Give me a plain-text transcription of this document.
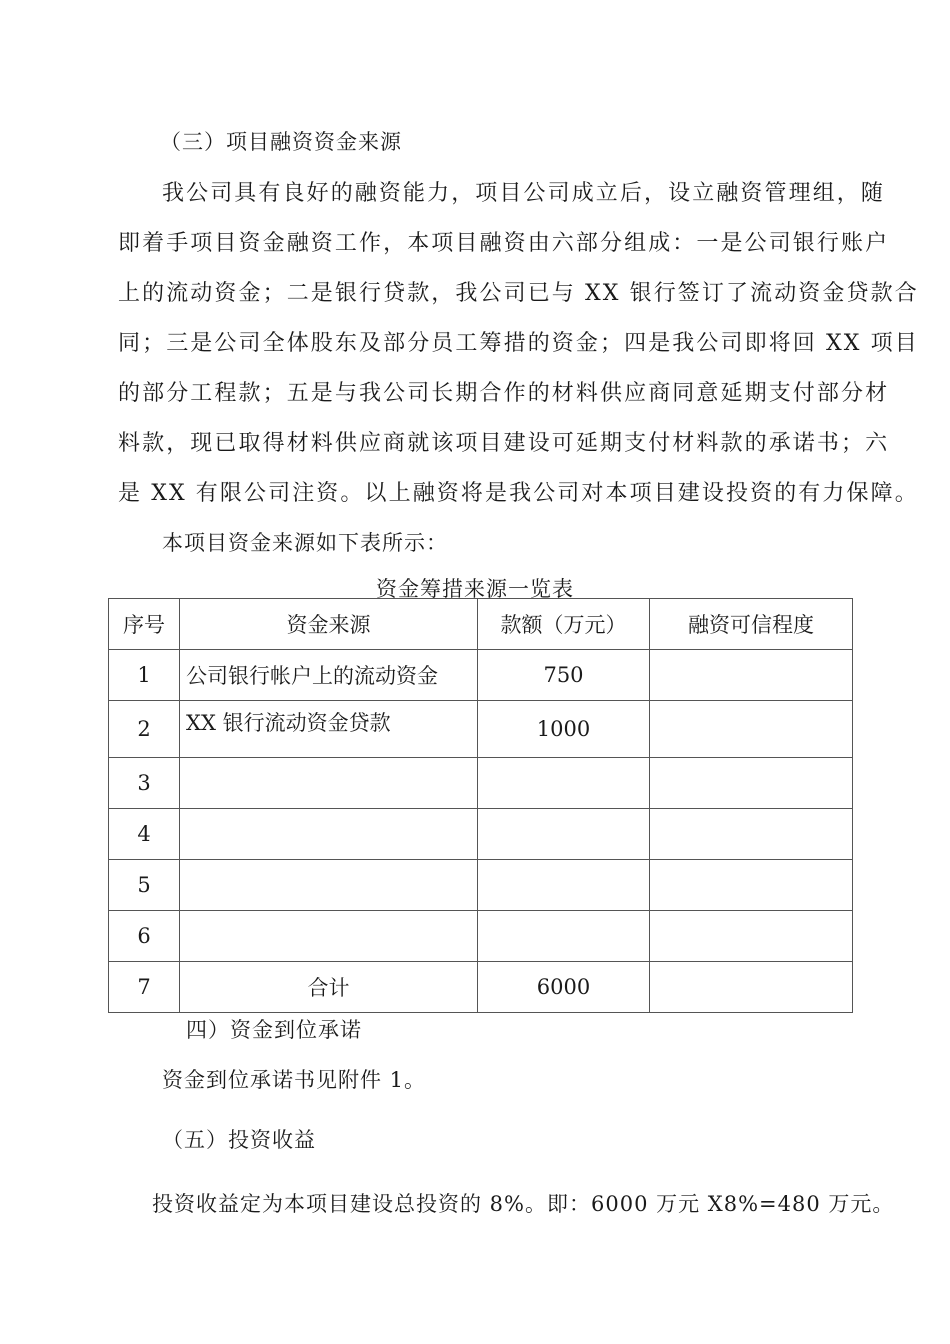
（三）项目融资资金来源
我公司具有良好的融资能力，项目公司成立后，设立融资管理组，随
即着手项目资金融资工作，本项目融资由六部分组成：一是公司银行账户
上的流动资金；二是银行贷款，我公司已与 XX 银行签订了流动资金贷款合
同；三是公司全体股东及部分员工筹措的资金；四是我公司即将回 XX 项目
的部分工程款；五是与我公司长期合作的材料供应商同意延期支付部分材
料款，现已取得材料供应商就该项目建设可延期支付材料款的承诺书；六
是 XX 有限公司注资。以上融资将是我公司对本项目建设投资的有力保障。
本项目资金来源如下表所示：
资金筹措来源一览表
序号	资金来源	款额（万元）	融资可信程度
1	公司银行帐户上的流动资金	750	
2	XX 银行流动资金贷款	1000	
3			
4			
5			
6			
7	合计	6000	
四）资金到位承诺
资金到位承诺书见附件 1。
（五）投资收益
投资收益定为本项目建设总投资的 8%。即：6000 万元 X8%=480 万元。
